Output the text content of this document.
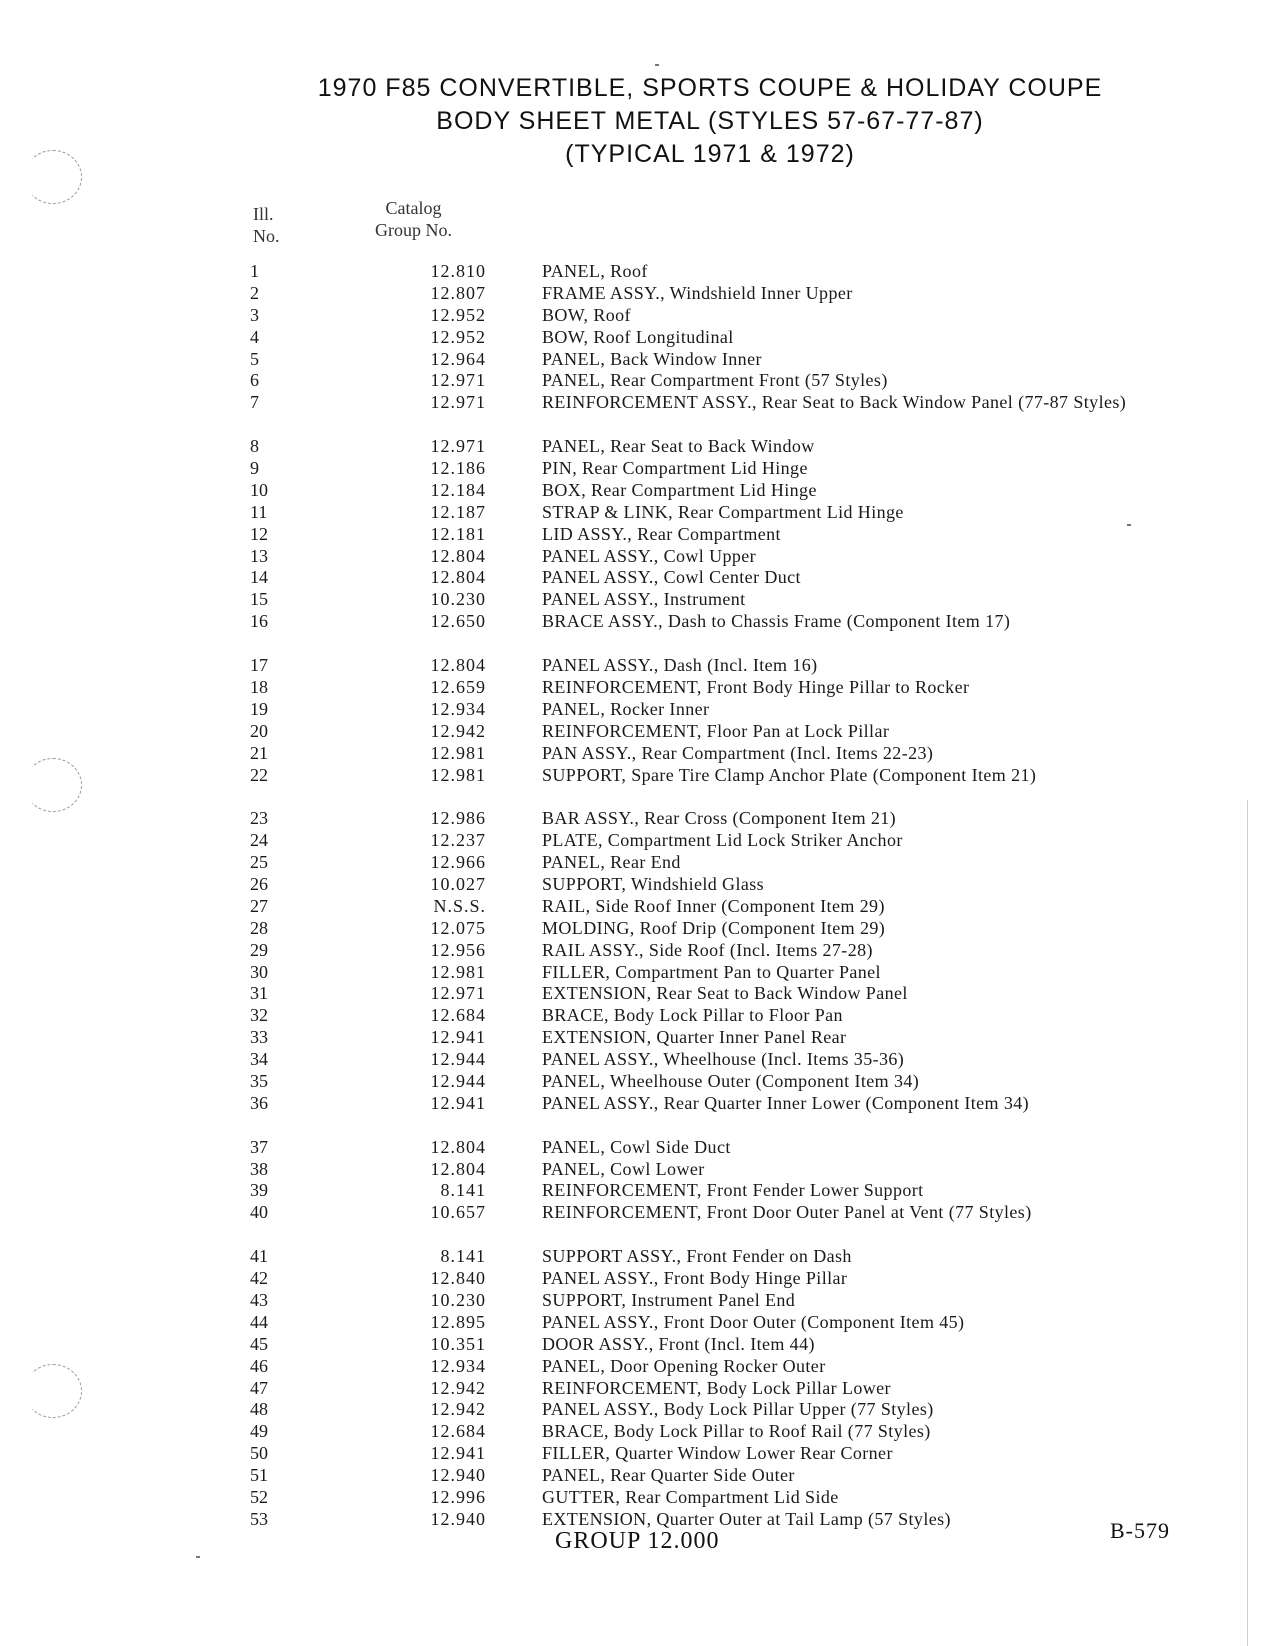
1970 F85 CONVERTIBLE, SPORTS COUPE & HOLIDAY COUPE
BODY SHEET METAL (STYLES 57-67-77-87)
(TYPICAL 1971 & 1972)
Ill.
No.
Catalog
Group No.
1	12.810	PANEL, Roof
2	12.807	FRAME ASSY., Windshield Inner Upper
3	12.952	BOW, Roof
4	12.952	BOW, Roof Longitudinal
5	12.964	PANEL, Back Window Inner
6	12.971	PANEL, Rear Compartment Front (57 Styles)
7	12.971	REINFORCEMENT ASSY., Rear Seat to Back Window Panel (77-87 Styles)
8	12.971	PANEL, Rear Seat to Back Window
9	12.186	PIN, Rear Compartment Lid Hinge
10	12.184	BOX, Rear Compartment Lid Hinge
11	12.187	STRAP & LINK, Rear Compartment Lid Hinge
12	12.181	LID ASSY., Rear Compartment
13	12.804	PANEL ASSY., Cowl Upper
14	12.804	PANEL ASSY., Cowl Center Duct
15	10.230	PANEL ASSY., Instrument
16	12.650	BRACE ASSY., Dash to Chassis Frame (Component Item 17)
17	12.804	PANEL ASSY., Dash (Incl. Item 16)
18	12.659	REINFORCEMENT, Front Body Hinge Pillar to Rocker
19	12.934	PANEL, Rocker Inner
20	12.942	REINFORCEMENT, Floor Pan at Lock Pillar
21	12.981	PAN ASSY., Rear Compartment (Incl. Items 22-23)
22	12.981	SUPPORT, Spare Tire Clamp Anchor Plate (Component Item 21)
23	12.986	BAR ASSY., Rear Cross (Component Item 21)
24	12.237	PLATE, Compartment Lid Lock Striker Anchor
25	12.966	PANEL, Rear End
26	10.027	SUPPORT, Windshield Glass
27	N.S.S.	RAIL, Side Roof Inner (Component Item 29)
28	12.075	MOLDING, Roof Drip (Component Item 29)
29	12.956	RAIL ASSY., Side Roof (Incl. Items 27-28)
30	12.981	FILLER, Compartment Pan to Quarter Panel
31	12.971	EXTENSION, Rear Seat to Back Window Panel
32	12.684	BRACE, Body Lock Pillar to Floor Pan
33	12.941	EXTENSION, Quarter Inner Panel Rear
34	12.944	PANEL ASSY., Wheelhouse (Incl. Items 35-36)
35	12.944	PANEL, Wheelhouse Outer (Component Item 34)
36	12.941	PANEL ASSY., Rear Quarter Inner Lower (Component Item 34)
37	12.804	PANEL, Cowl Side Duct
38	12.804	PANEL, Cowl Lower
39	8.141	REINFORCEMENT, Front Fender Lower Support
40	10.657	REINFORCEMENT, Front Door Outer Panel at Vent (77 Styles)
41	8.141	SUPPORT ASSY., Front Fender on Dash
42	12.840	PANEL ASSY., Front Body Hinge Pillar
43	10.230	SUPPORT, Instrument Panel End
44	12.895	PANEL ASSY., Front Door Outer (Component Item 45)
45	10.351	DOOR ASSY., Front (Incl. Item 44)
46	12.934	PANEL, Door Opening Rocker Outer
47	12.942	REINFORCEMENT, Body Lock Pillar Lower
48	12.942	PANEL ASSY., Body Lock Pillar Upper (77 Styles)
49	12.684	BRACE, Body Lock Pillar to Roof Rail (77 Styles)
50	12.941	FILLER, Quarter Window Lower Rear Corner
51	12.940	PANEL, Rear Quarter Side Outer
52	12.996	GUTTER, Rear Compartment Lid Side
53	12.940	EXTENSION, Quarter Outer at Tail Lamp (57 Styles)
GROUP 12.000	B-579
